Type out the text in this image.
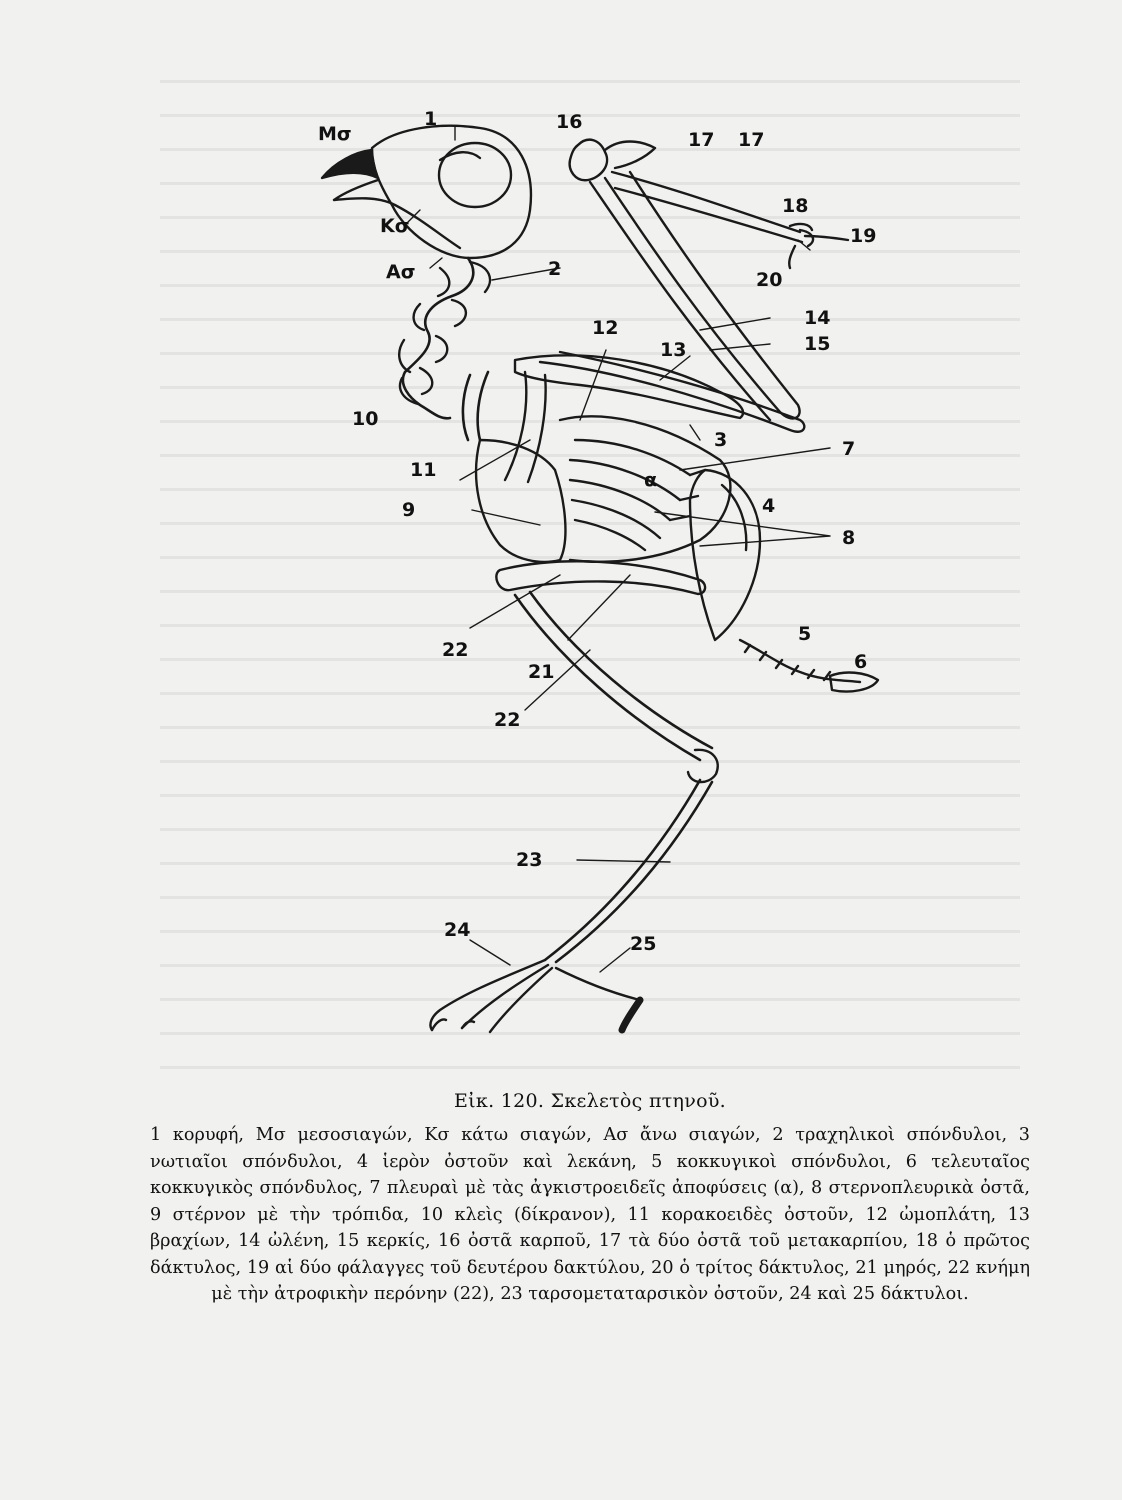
Μσ
1
Κσ
Ασ	2
16
17 17
18
19
20
14
15
12
13
10
3	7
11	α
9	4
8
5
6
22
21
22
23
24
25
Εἰκ. 120. Σκελετὸς πτηνοῦ.
1 κορυφή, Μσ μεσοσιαγών, Κσ κάτω σιαγών, Ασ ἄνω σιαγών, 2 τραχηλικοὶ σπόνδυλοι, 3 νωτιαῖοι σπόνδυλοι, 4 ἱερὸν ὀστοῦν καὶ λεκάνη, 5 κοκκυγικοὶ σπόνδυλοι, 6 τελευταῖος κοκκυγικὸς σπόνδυλος, 7 πλευραὶ μὲ τὰς ἀγκιστροειδεῖς ἀποφύσεις (α), 8 στερνοπλευρικὰ ὀστᾶ, 9 στέρνον μὲ τὴν τρόπιδα, 10 κλεὶς (δίκρανον), 11 κορακοειδὲς ὀστοῦν, 12 ὠμοπλάτη, 13 βραχίων, 14 ὠλένη, 15 κερκίς, 16 ὀστᾶ καρποῦ, 17 τὰ δύο ὀστᾶ τοῦ μετακαρπίου, 18 ὁ πρῶτος δάκτυλος, 19 αἱ δύο φάλαγγες τοῦ δευτέρου δακτύλου, 20 ὁ τρίτος δάκτυλος, 21 μηρός, 22 κνήμη μὲ τὴν ἀτροφικὴν περόνην (22), 23 ταρσομεταταρσικὸν ὀστοῦν, 24 καὶ 25 δάκτυλοι.
